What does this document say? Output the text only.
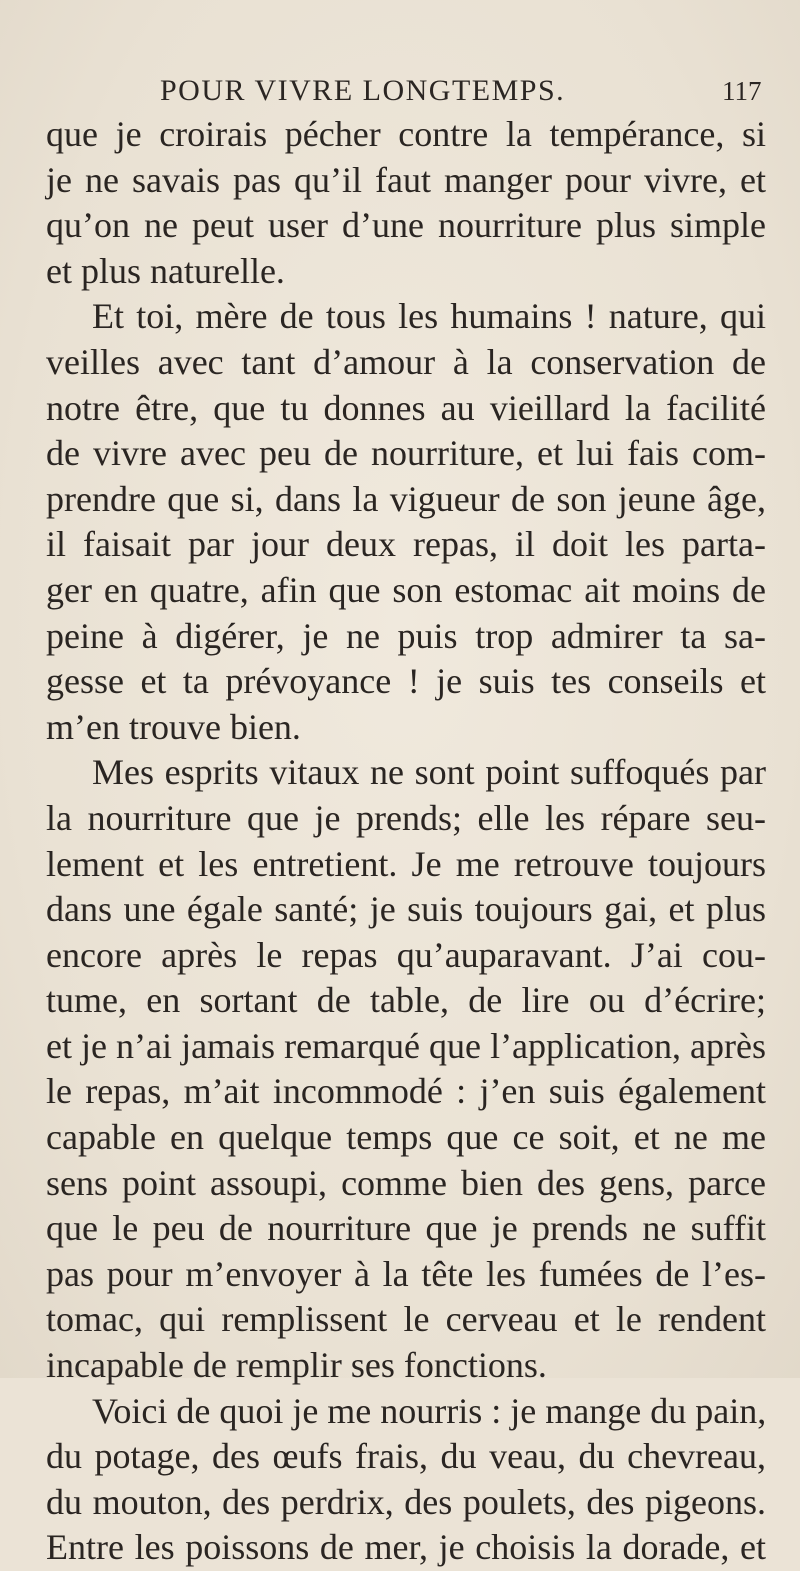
POUR VIVRE LONGTEMPS.	117
que je croirais pécher contre la tempérance, si
je ne savais pas qu’il faut manger pour vivre, et
qu’on ne peut user d’une nourriture plus simple
et plus naturelle.
Et toi, mère de tous les humains ! nature, qui
veilles avec tant d’amour à la conservation de
notre être, que tu donnes au vieillard la facilité
de vivre avec peu de nourriture, et lui fais com-
prendre que si, dans la vigueur de son jeune âge,
il faisait par jour deux repas, il doit les parta-
ger en quatre, afin que son estomac ait moins de
peine à digérer, je ne puis trop admirer ta sa-
gesse et ta prévoyance ! je suis tes conseils et
m’en trouve bien.
Mes esprits vitaux ne sont point suffoqués par
la nourriture que je prends; elle les répare seu-
lement et les entretient. Je me retrouve toujours
dans une égale santé; je suis toujours gai, et plus
encore après le repas qu’auparavant. J’ai cou-
tume, en sortant de table, de lire ou d’écrire;
et je n’ai jamais remarqué que l’application, après
le repas, m’ait incommodé : j’en suis également
capable en quelque temps que ce soit, et ne me
sens point assoupi, comme bien des gens, parce
que le peu de nourriture que je prends ne suffit
pas pour m’envoyer à la tête les fumées de l’es-
tomac, qui remplissent le cerveau et le rendent
incapable de remplir ses fonctions.
Voici de quoi je me nourris : je mange du pain,
du potage, des œufs frais, du veau, du chevreau,
du mouton, des perdrix, des poulets, des pigeons.
Entre les poissons de mer, je choisis la dorade, et
